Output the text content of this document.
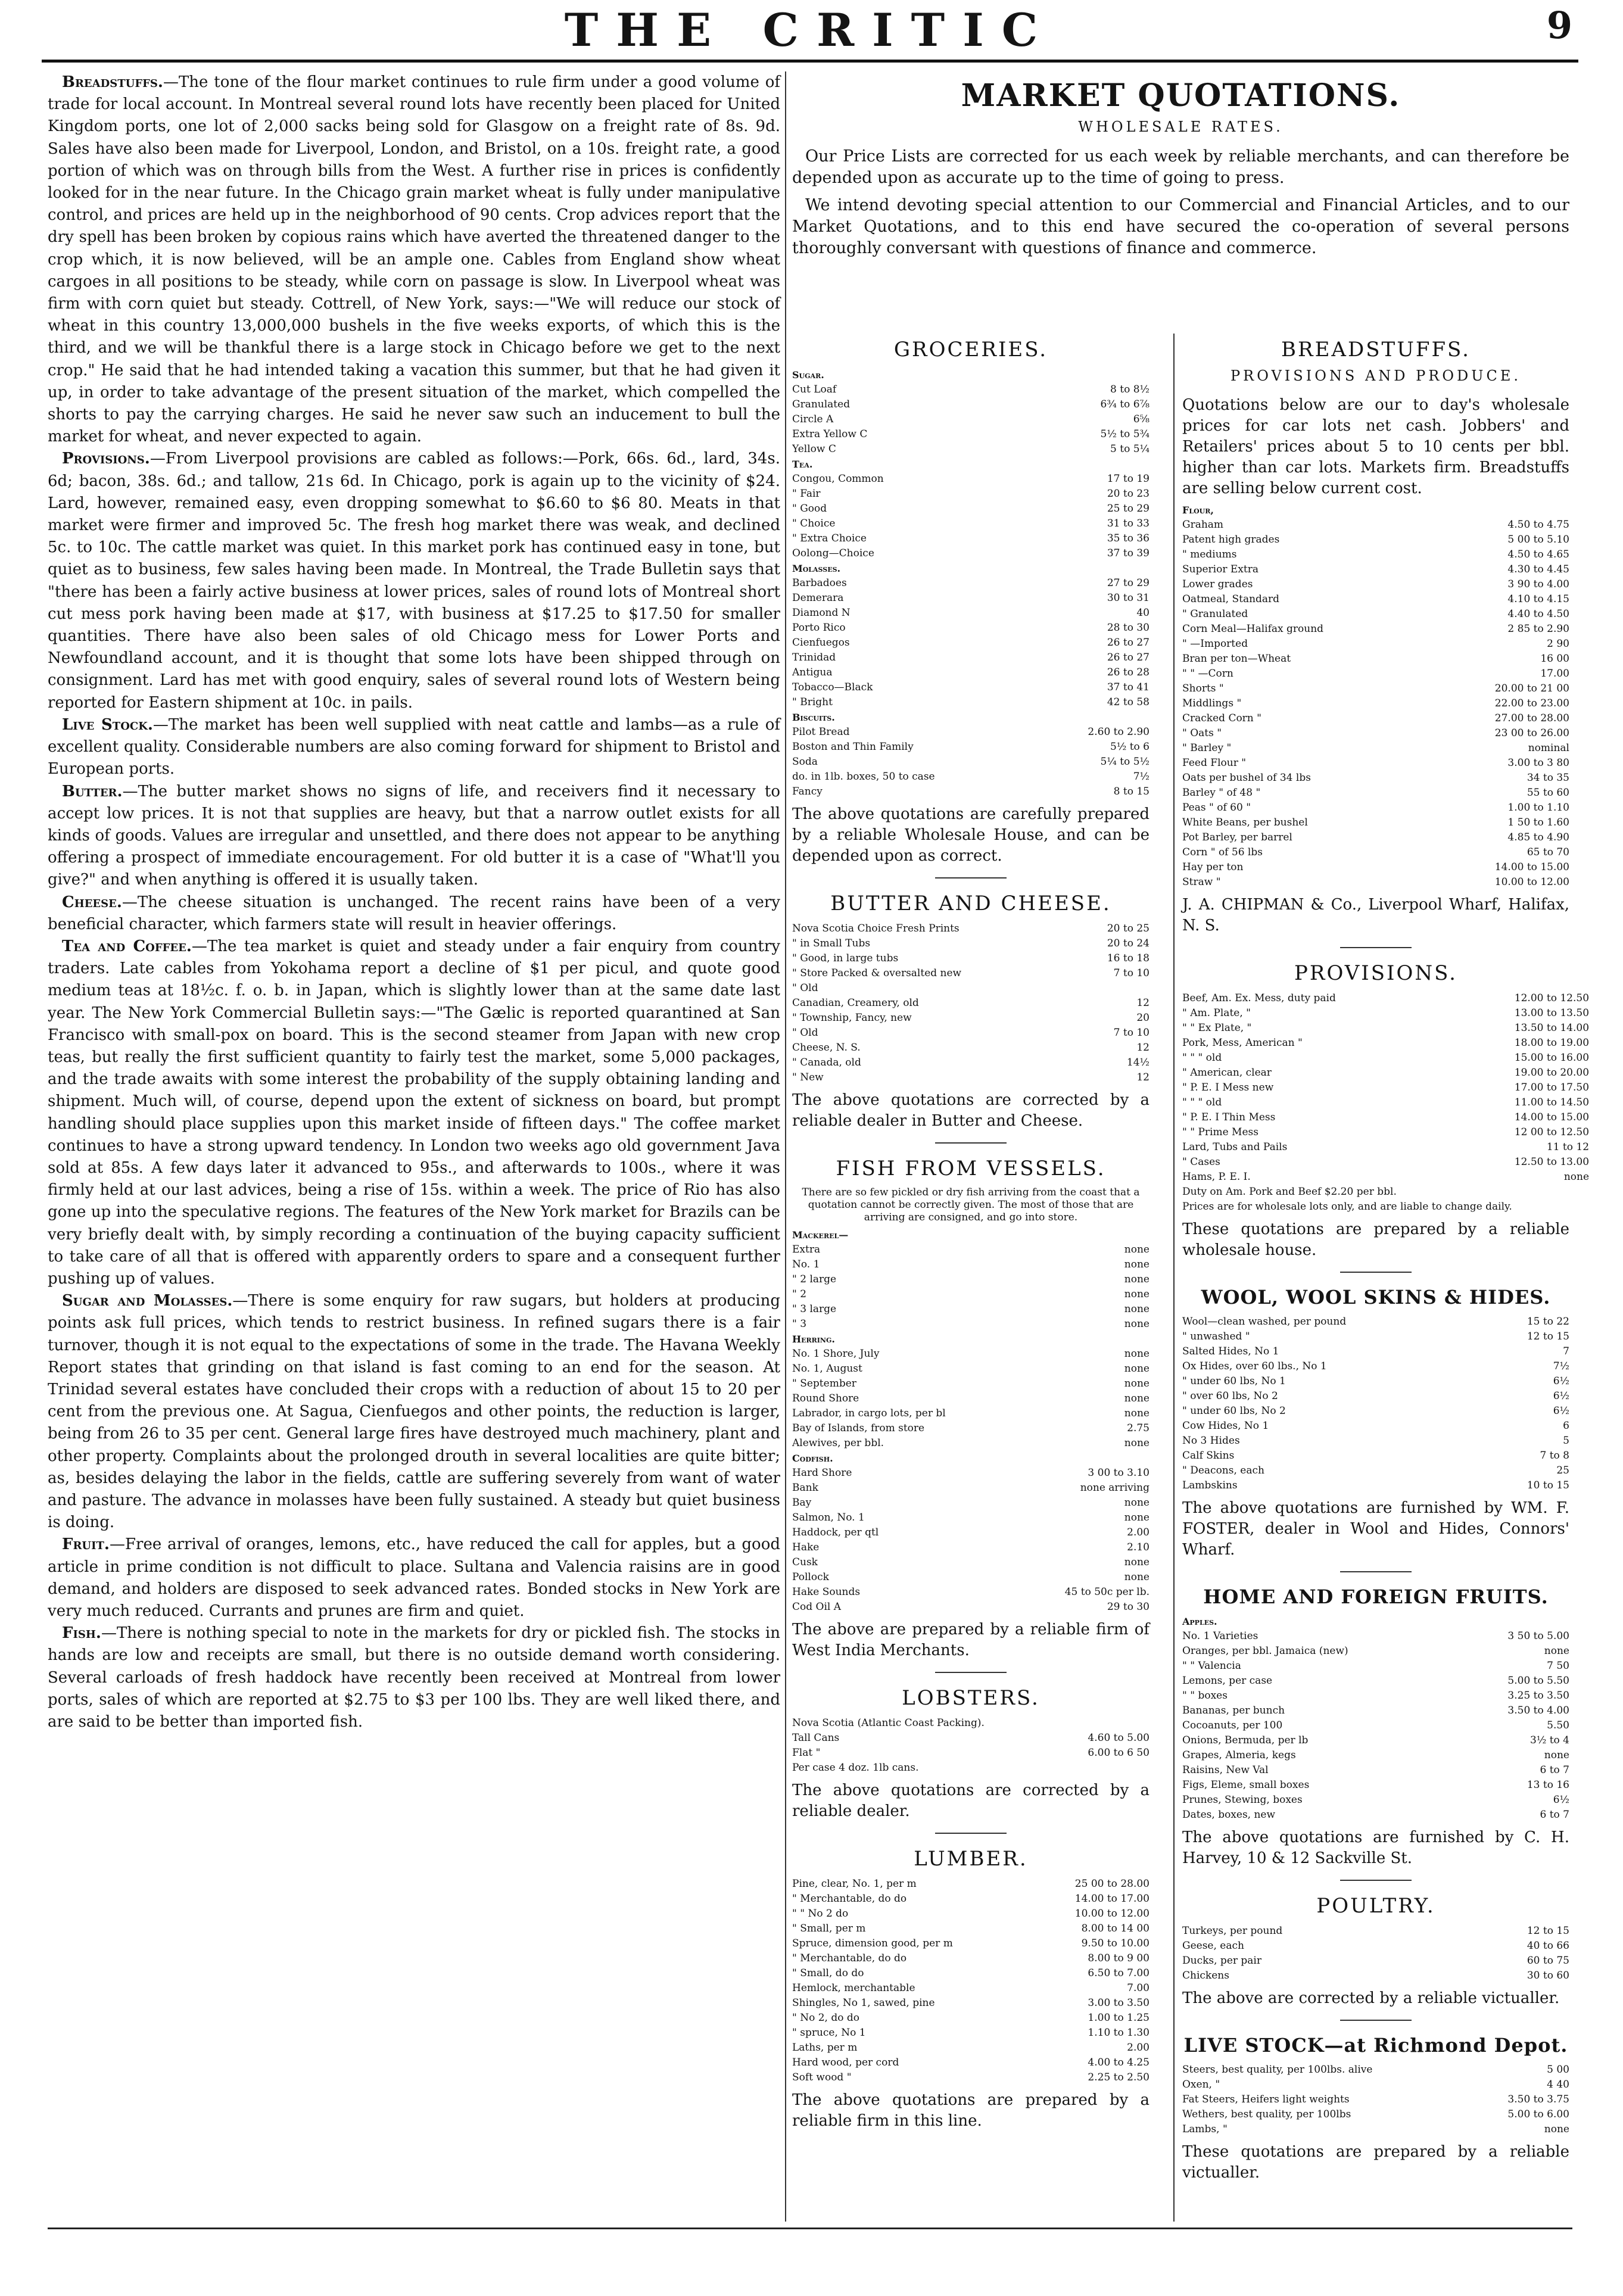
THE CRITIC	9

Breadstuffs.—The tone of the flour market continues to rule firm under a good volume of trade for local account. In Montreal several round lots have recently been placed for United Kingdom ports, one lot of 2,000 sacks being sold for Glasgow on a freight rate of 8s. 9d. Sales have also been made for Liverpool, London, and Bristol, on a 10s. freight rate, a good portion of which was on through bills from the West. A further rise in prices is confidently looked for in the near future. In the Chicago grain market wheat is fully under manipulative control, and prices are held up in the neighborhood of 90 cents. Crop advices report that the dry spell has been broken by copious rains which have averted the threatened danger to the crop which, it is now believed, will be an ample one. Cables from England show wheat cargoes in all positions to be steady, while corn on passage is slow. In Liverpool wheat was firm with corn quiet but steady. Cottrell, of New York, says:—"We will reduce our stock of wheat in this country 13,000,000 bushels in the five weeks exports, of which this is the third, and we will be thankful there is a large stock in Chicago before we get to the next crop." He said that he had intended taking a vacation this summer, but that he had given it up, in order to take advantage of the present situation of the market, which compelled the shorts to pay the carrying charges. He said he never saw such an inducement to bull the market for wheat, and never expected to again.

Provisions.—From Liverpool provisions are cabled as follows:—Pork, 66s. 6d., lard, 34s. 6d; bacon, 38s. 6d.; and tallow, 21s 6d. In Chicago, pork is again up to the vicinity of $24. Lard, however, remained easy, even dropping somewhat to $6.60 to $6 80. Meats in that market were firmer and improved 5c. The fresh hog market there was weak, and declined 5c. to 10c. The cattle market was quiet. In this market pork has continued easy in tone, but quiet as to business, few sales having been made. In Montreal, the Trade Bulletin says that "there has been a fairly active business at lower prices, sales of round lots of Montreal short cut mess pork having been made at $17, with business at $17.25 to $17.50 for smaller quantities. There have also been sales of old Chicago mess for Lower Ports and Newfoundland account, and it is thought that some lots have been shipped through on consignment. Lard has met with good enquiry, sales of several round lots of Western being reported for Eastern shipment at 10c. in pails.

Live Stock.—The market has been well supplied with neat cattle and lambs—as a rule of excellent quality. Considerable numbers are also coming forward for shipment to Bristol and European ports.

Butter.—The butter market shows no signs of life, and receivers find it necessary to accept low prices. It is not that supplies are heavy, but that a narrow outlet exists for all kinds of goods. Values are irregular and unsettled, and there does not appear to be anything offering a prospect of immediate encouragement. For old butter it is a case of "What'll you give?" and when anything is offered it is usually taken.

Cheese.—The cheese situation is unchanged. The recent rains have been of a very beneficial character, which farmers state will result in heavier offerings.

Tea and Coffee.—The tea market is quiet and steady under a fair enquiry from country traders. Late cables from Yokohama report a decline of $1 per picul, and quote good medium teas at 18½c. f. o. b. in Japan, which is slightly lower than at the same date last year. The New York Commercial Bulletin says:—"The Gælic is reported quarantined at San Francisco with small-pox on board. This is the second steamer from Japan with new crop teas, but really the first sufficient quantity to fairly test the market, some 5,000 packages, and the trade awaits with some interest the probability of the supply obtaining landing and shipment. Much will, of course, depend upon the extent of sickness on board, but prompt handling should place supplies upon this market inside of fifteen days." The coffee market continues to have a strong upward tendency. In London two weeks ago old government Java sold at 85s. A few days later it advanced to 95s., and afterwards to 100s., where it was firmly held at our last advices, being a rise of 15s. within a week. The price of Rio has also gone up into the speculative regions. The features of the New York market for Brazils can be very briefly dealt with, by simply recording a continuation of the buying capacity sufficient to take care of all that is offered with apparently orders to spare and a consequent further pushing up of values.

Sugar and Molasses.—There is some enquiry for raw sugars, but holders at producing points ask full prices, which tends to restrict business. In refined sugars there is a fair turnover, though it is not equal to the expectations of some in the trade. The Havana Weekly Report states that grinding on that island is fast coming to an end for the season. At Trinidad several estates have concluded their crops with a reduction of about 15 to 20 per cent from the previous one. At Sagua, Cienfuegos and other points, the reduction is larger, being from 26 to 35 per cent. General large fires have destroyed much machinery, plant and other property. Complaints about the prolonged drouth in several localities are quite bitter; as, besides delaying the labor in the fields, cattle are suffering severely from want of water and pasture. The advance in molasses have been fully sustained. A steady but quiet business is doing.

Fruit.—Free arrival of oranges, lemons, etc., have reduced the call for apples, but a good article in prime condition is not difficult to place. Sultana and Valencia raisins are in good demand, and holders are disposed to seek advanced rates. Bonded stocks in New York are very much reduced. Currants and prunes are firm and quiet.

Fish.—There is nothing special to note in the markets for dry or pickled fish. The stocks in hands are low and receipts are small, but there is no outside demand worth considering. Several carloads of fresh haddock have recently been received at Montreal from lower ports, sales of which are reported at $2.75 to $3 per 100 lbs. They are well liked there, and are said to be better than imported fish.

MARKET QUOTATIONS.
WHOLESALE RATES.

Our Price Lists are corrected for us each week by reliable merchants, and can therefore be depended upon as accurate up to the time of going to press.

We intend devoting special attention to our Commercial and Financial Articles, and to our Market Quotations, and to this end have secured the co-operation of several persons thoroughly conversant with questions of finance and commerce.

GROCERIES.
Sugar.	
Cut Loaf	8 to 8½
Granulated	6¾ to 6⅞
Circle A	6⅝
Extra Yellow C	5½ to 5¾
Yellow C	5 to 5¼
Tea.	
Congou, Common	17 to 19
" Fair	20 to 23
" Good	25 to 29
" Choice	31 to 33
" Extra Choice	35 to 36
Oolong—Choice	37 to 39
Molasses.	
Barbadoes	27 to 29
Demerara	30 to 31
Diamond N	40
Porto Rico	28 to 30
Cienfuegos	26 to 27
Trinidad	26 to 27
Antigua	26 to 28
Tobacco—Black	37 to 41
" Bright	42 to 58
Biscuits.	
Pilot Bread	2.60 to 2.90
Boston and Thin Family	5½ to 6
Soda	5¼ to 5½
do. in 1lb. boxes, 50 to case	7½
Fancy	8 to 15

The above quotations are carefully prepared by a reliable Wholesale House, and can be depended upon as correct.

BUTTER AND CHEESE.
Nova Scotia Choice Fresh Prints	20 to 25
" in Small Tubs	20 to 24
" Good, in large tubs	16 to 18
" Store Packed & oversalted new	7 to 10
" Old	
Canadian, Creamery, old	12
" Township, Fancy, new	20
" Old	7 to 10
Cheese, N. S.	12
" Canada, old	14½
" New	12

The above quotations are corrected by a reliable dealer in Butter and Cheese.

FISH FROM VESSELS.

There are so few pickled or dry fish arriving from the coast that a quotation cannot be correctly given. The most of those that are arriving are consigned, and go into store.

Mackerel—	
Extra	none
No. 1	none
" 2 large	none
" 2	none
" 3 large	none
" 3	none
Herring.	
No. 1 Shore, July	none
No. 1, August	none
" September	none
Round Shore	none
Labrador, in cargo lots, per bl	none
Bay of Islands, from store	2.75
Alewives, per bbl.	none
Codfish.	
Hard Shore	3 00 to 3.10
Bank	none arriving
Bay	none
Salmon, No. 1	none
Haddock, per qtl	2.00
Hake	2.10
Cusk	none
Pollock	none
Hake Sounds	45 to 50c per lb.
Cod Oil A	29 to 30

The above are prepared by a reliable firm of West India Merchants.

LOBSTERS.
Nova Scotia (Atlantic Coast Packing).	
Tall Cans	4.60 to 5.00
Flat "	6.00 to 6 50
Per case 4 doz. 1lb cans.	

The above quotations are corrected by a reliable dealer.

LUMBER.
Pine, clear, No. 1, per m	25 00 to 28.00
" Merchantable, do do	14.00 to 17.00
" " No 2 do	10.00 to 12.00
" Small, per m	8.00 to 14 00
Spruce, dimension good, per m	9.50 to 10.00
" Merchantable, do do	8.00 to 9 00
" Small, do do	6.50 to 7.00
Hemlock, merchantable	7.00
Shingles, No 1, sawed, pine	3.00 to 3.50
" No 2, do do	1.00 to 1.25
" spruce, No 1	1.10 to 1.30
Laths, per m	2.00
Hard wood, per cord	4.00 to 4.25
Soft wood "	2.25 to 2.50

The above quotations are prepared by a reliable firm in this line.

BREADSTUFFS.
PROVISIONS AND PRODUCE.

Quotations below are our to day's wholesale prices for car lots net cash. Jobbers' and Retailers' prices about 5 to 10 cents per bbl. higher than car lots. Markets firm. Breadstuffs are selling below current cost.

Flour,	
Graham	4.50 to 4.75
Patent high grades	5 00 to 5.10
" mediums	4.50 to 4.65
Superior Extra	4.30 to 4.45
Lower grades	3 90 to 4.00
Oatmeal, Standard	4.10 to 4.15
" Granulated	4.40 to 4.50
Corn Meal—Halifax ground	2 85 to 2.90
" —Imported	2 90
Bran per ton—Wheat	16 00
" " —Corn	17.00
Shorts "	20.00 to 21 00
Middlings "	22.00 to 23.00
Cracked Corn "	27.00 to 28.00
" Oats "	23 00 to 26.00
" Barley "	nominal
Feed Flour "	3.00 to 3 80
Oats per bushel of 34 lbs	34 to 35
Barley " of 48 "	55 to 60
Peas " of 60 "	1.00 to 1.10
White Beans, per bushel	1 50 to 1.60
Pot Barley, per barrel	4.85 to 4.90
Corn " of 56 lbs	65 to 70
Hay per ton	14.00 to 15.00
Straw "	10.00 to 12.00

J. A. CHIPMAN & Co., Liverpool Wharf, Halifax, N. S.

PROVISIONS.
Beef, Am. Ex. Mess, duty paid	12.00 to 12.50
" Am. Plate, "	13.00 to 13.50
" " Ex Plate, "	13.50 to 14.00
Pork, Mess, American "	18.00 to 19.00
" " " old	15.00 to 16.00
" American, clear	19.00 to 20.00
" P. E. I Mess new	17.00 to 17.50
" " " old	11.00 to 14.50
" P. E. I Thin Mess	14.00 to 15.00
" " Prime Mess	12 00 to 12.50
Lard, Tubs and Pails	11 to 12
" Cases	12.50 to 13.00
Hams, P. E. I.	none
Duty on Am. Pork and Beef $2.20 per bbl.	
Prices are for wholesale lots only, and are liable to change daily.	

These quotations are prepared by a reliable wholesale house.

WOOL, WOOL SKINS & HIDES.
Wool—clean washed, per pound	15 to 22
" unwashed "	12 to 15
Salted Hides, No 1	7
Ox Hides, over 60 lbs., No 1	7½
" under 60 lbs, No 1	6½
" over 60 lbs, No 2	6½
" under 60 lbs, No 2	6½
Cow Hides, No 1	6
No 3 Hides	5
Calf Skins	7 to 8
" Deacons, each	25
Lambskins	10 to 15

The above quotations are furnished by WM. F. FOSTER, dealer in Wool and Hides, Connors' Wharf.

HOME AND FOREIGN FRUITS.
Apples.	
No. 1 Varieties	3 50 to 5.00
Oranges, per bbl. Jamaica (new)	none
" " Valencia	7 50
Lemons, per case	5.00 to 5.50
" " boxes	3.25 to 3.50
Bananas, per bunch	3.50 to 4.00
Cocoanuts, per 100	5.50
Onions, Bermuda, per lb	3½ to 4
Grapes, Almeria, kegs	none
Raisins, New Val	6 to 7
Figs, Eleme, small boxes	13 to 16
Prunes, Stewing, boxes	6½
Dates, boxes, new	6 to 7

The above quotations are furnished by C. H. Harvey, 10 & 12 Sackville St.

POULTRY.
Turkeys, per pound	12 to 15
Geese, each	40 to 66
Ducks, per pair	60 to 75
Chickens	30 to 60

The above are corrected by a reliable victualler.

LIVE STOCK—at Richmond Depot.
Steers, best quality, per 100lbs. alive	5 00
Oxen, "	4 40
Fat Steers, Heifers light weights	3.50 to 3.75
Wethers, best quality, per 100lbs	5.00 to 6.00
Lambs, "	none

These quotations are prepared by a reliable victualler.
